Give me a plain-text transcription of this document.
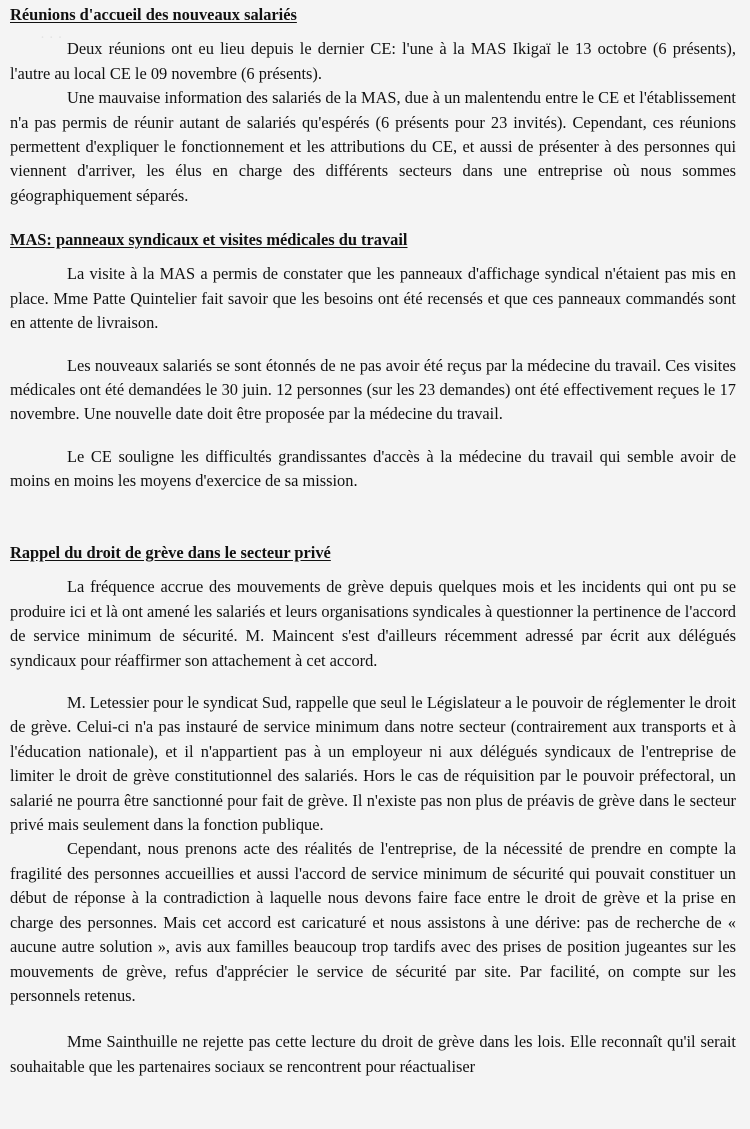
· · ·

Réunions d'accueil des nouveaux salariés

Deux réunions ont eu lieu depuis le dernier CE: l'une à la MAS Ikigaï le 13 octobre (6 présents), l'autre au local CE le 09 novembre (6 présents).

Une mauvaise information des salariés de la MAS, due à un malentendu entre le CE et l'établissement n'a pas permis de réunir autant de salariés qu'espérés (6 présents pour 23 invités). Cependant, ces réunions permettent d'expliquer le fonctionnement et les attributions du CE, et aussi de présenter à des personnes qui viennent d'arriver, les élus en charge des différents secteurs dans une entreprise où nous sommes géographiquement séparés.

MAS: panneaux syndicaux et visites médicales du travail

La visite à la MAS a permis de constater que les panneaux d'affichage syndical n'étaient pas mis en place. Mme Patte Quintelier fait savoir que les besoins ont été recensés et que ces panneaux commandés sont en attente de livraison.

Les nouveaux salariés se sont étonnés de ne pas avoir été reçus par la médecine du travail. Ces visites médicales ont été demandées le 30 juin. 12 personnes (sur les 23 demandes) ont été effectivement reçues le 17 novembre. Une nouvelle date doit être proposée par la médecine du travail.

Le CE souligne les difficultés grandissantes d'accès à la médecine du travail qui semble avoir de moins en moins les moyens d'exercice de sa mission.

Rappel du droit de grève dans le secteur privé

La fréquence accrue des mouvements de grève depuis quelques mois et les incidents qui ont pu se produire ici et là ont amené les salariés et leurs organisations syndicales à questionner la pertinence de l'accord de service minimum de sécurité. M. Maincent s'est d'ailleurs récemment adressé par écrit aux délégués syndicaux pour réaffirmer son attachement à cet accord.

M. Letessier pour le syndicat Sud, rappelle que seul le Législateur a le pouvoir de réglementer le droit de grève. Celui-ci n'a pas instauré de service minimum dans notre secteur (contrairement aux transports et à l'éducation nationale), et il n'appartient pas à un employeur ni aux délégués syndicaux de l'entreprise de limiter le droit de grève constitutionnel des salariés. Hors le cas de réquisition par le pouvoir préfectoral, un salarié ne pourra être sanctionné pour fait de grève. Il n'existe pas non plus de préavis de grève dans le secteur privé mais seulement dans la fonction publique.

Cependant, nous prenons acte des réalités de l'entreprise, de la nécessité de prendre en compte la fragilité des personnes accueillies et aussi l'accord de service minimum de sécurité qui pouvait constituer un début de réponse à la contradiction à laquelle nous devons faire face entre le droit de grève et la prise en charge des personnes. Mais cet accord est caricaturé et nous assistons à une dérive: pas de recherche de « aucune autre solution », avis aux familles beaucoup trop tardifs avec des prises de position jugeantes sur les mouvements de grève, refus d'apprécier le service de sécurité par site. Par facilité, on compte sur les personnels retenus.

Mme Sainthuille ne rejette pas cette lecture du droit de grève dans les lois. Elle reconnaît qu'il serait souhaitable que les partenaires sociaux se rencontrent pour réactualiser
